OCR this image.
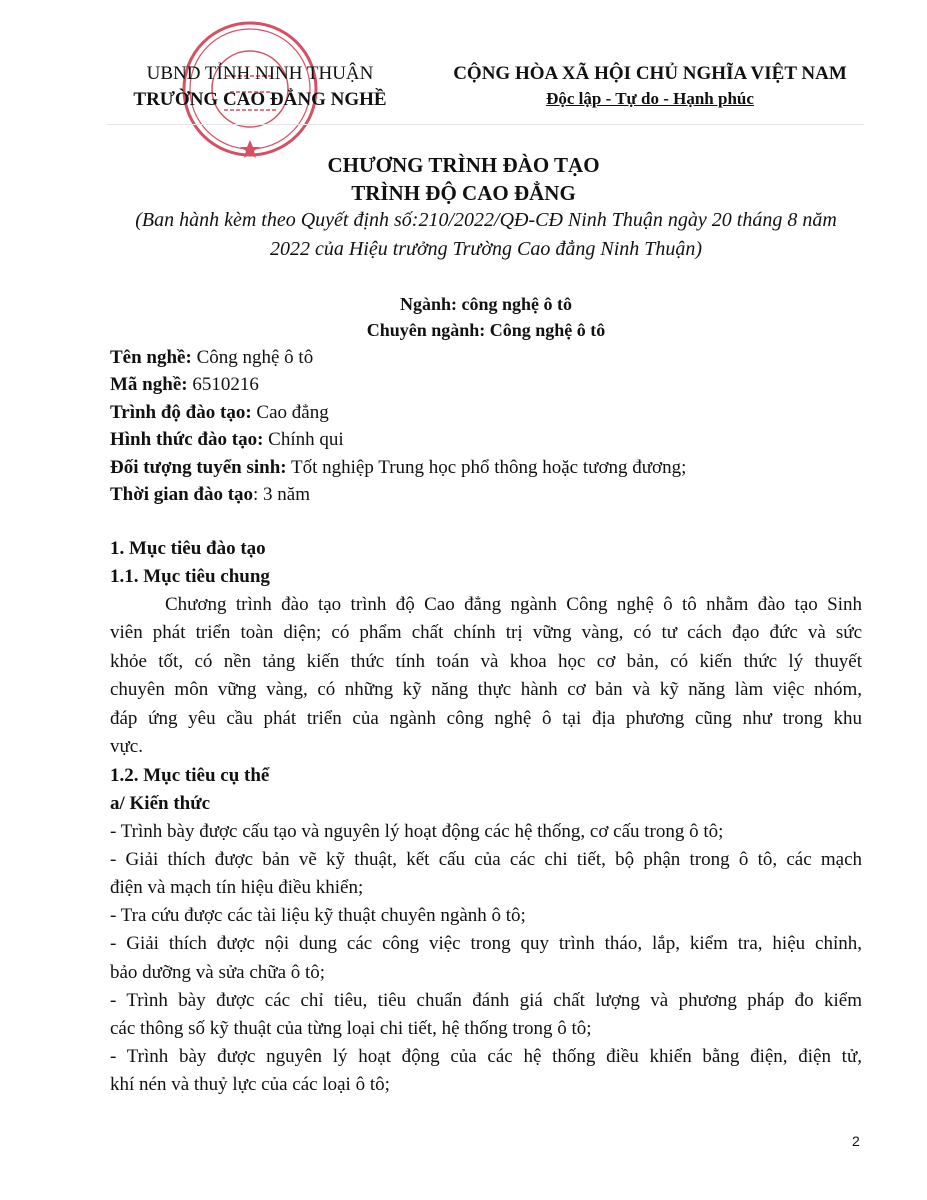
UBND TỈNH NINH THUẬN
TRƯỜNG CAO ĐẲNG NGHỀ
CỘNG HÒA XÃ HỘI CHỦ NGHĨA VIỆT NAM
Độc lập - Tự do - Hạnh phúc
CHƯƠNG TRÌNH ĐÀO TẠO
TRÌNH ĐỘ CAO ĐẲNG
(Ban hành kèm theo Quyết định số:210/2022/QĐ-CĐ Ninh Thuận ngày 20 tháng 8 năm
2022 của Hiệu trưởng Trường Cao đẳng Ninh Thuận)
Ngành: công nghệ ô tô
Chuyên ngành: Công nghệ ô tô
2
Tên nghề: Công nghệ ô tô
Mã nghề: 6510216
Trình độ đào tạo: Cao đẳng
Hình thức đào tạo: Chính qui
Đối tượng tuyển sinh: Tốt nghiệp Trung học phổ thông hoặc tương đương;
Thời gian đào tạo: 3 năm
1. Mục tiêu đào tạo
1.1. Mục tiêu chung
Chương trình đào tạo trình độ Cao đẳng ngành Công nghệ ô tô nhằm đào tạo Sinh
viên phát triển toàn diện; có phẩm chất chính trị vững vàng, có tư cách đạo đức và sức
khỏe tốt, có nền tảng kiến thức tính toán và khoa học cơ bản, có kiến thức lý thuyết
chuyên môn vững vàng, có những kỹ năng thực hành cơ bản và kỹ năng làm việc nhóm,
đáp ứng yêu cầu phát triển của ngành công nghệ ô tại địa phương cũng như trong khu
vực.
1.2. Mục tiêu cụ thể
a/ Kiến thức
- Trình bày được cấu tạo và nguyên lý hoạt động các hệ thống, cơ cấu trong ô tô;
- Giải thích được bản vẽ kỹ thuật, kết cấu của các chi tiết, bộ phận trong ô tô, các mạch
điện và mạch tín hiệu điều khiển;
- Tra cứu được các tài liệu kỹ thuật chuyên ngành ô tô;
- Giải thích được nội dung các công việc trong quy trình tháo, lắp, kiểm tra, hiệu chỉnh,
bảo dưỡng và sửa chữa ô tô;
- Trình bày được các chỉ tiêu, tiêu chuẩn đánh giá chất lượng và phương pháp đo kiểm
các thông số kỹ thuật của từng loại chi tiết, hệ thống trong ô tô;
- Trình bày được nguyên lý hoạt động của các hệ thống điều khiển bằng điện, điện tử,
khí nén và thuỷ lực của các loại ô tô;
